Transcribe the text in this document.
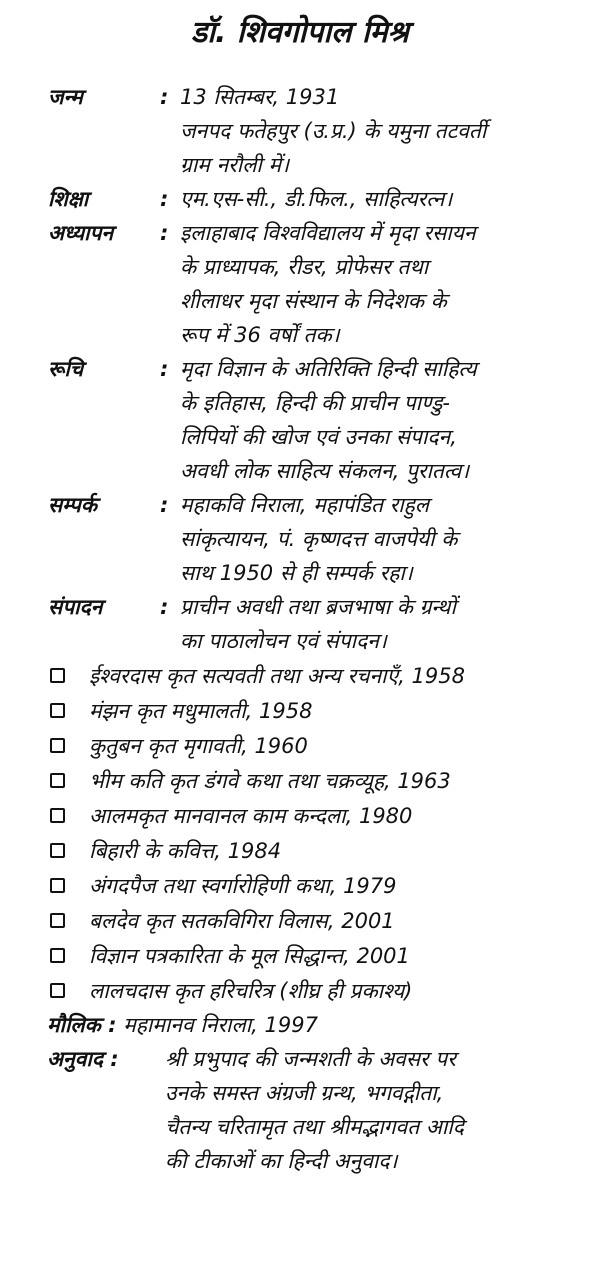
डॉ. शिवगोपाल मिश्र
जन्म	: 13 सितम्बर, 1931
जनपद फतेहपुर (उ.प्र.) के यमुना तटवर्ती
ग्राम नरौली में।
शिक्षा	: एम.एस-सी., डी.फिल., साहित्यरत्न।
अध्यापन	: इलाहाबाद विश्वविद्यालय में मृदा रसायन
के प्राध्यापक, रीडर, प्रोफेसर तथा
शीलाधर मृदा संस्थान के निदेशक के
रूप में 36 वर्षों तक।
रूचि	: मृदा विज्ञान के अतिरिक्ति हिन्दी साहित्य
के इतिहास, हिन्दी की प्राचीन पाण्डु-
लिपियों की खोज एवं उनका संपादन,
अवधी लोक साहित्य संकलन, पुरातत्व।
सम्पर्क	: महाकवि निराला, महापंडित राहुल
सांकृत्यायन, पं. कृष्णदत्त वाजपेयी के
साथ 1950 से ही सम्पर्क रहा।
संपादन	: प्राचीन अवधी तथा ब्रजभाषा के ग्रन्थों
का पाठालोचन एवं संपादन।
ईश्वरदास कृत सत्यवती तथा अन्य रचनाएँ, 1958
मंझन कृत मधुमालती, 1958
कुतुबन कृत मृगावती, 1960
भीम कति कृत डंगवे कथा तथा चक्रव्यूह, 1963
आलमकृत मानवानल काम कन्दला, 1980
बिहारी के कवित्त, 1984
अंगदपैज तथा स्वर्गारोहिणी कथा, 1979
बलदेव कृत सतकविगिरा विलास, 2001
विज्ञान पत्रकारिता के मूल सिद्धान्त, 2001
लालचदास कृत हरिचरित्र (शीघ्र ही प्रकाश्य)
मौलिक : महामानव निराला, 1997
अनुवाद :	श्री प्रभुपाद की जन्मशती के अवसर पर
उनके समस्त अंग्रजी ग्रन्थ, भगवद्गीता,
चैतन्य चरितामृत तथा श्रीमद्भागवत आदि
की टीकाओं का हिन्दी अनुवाद।
